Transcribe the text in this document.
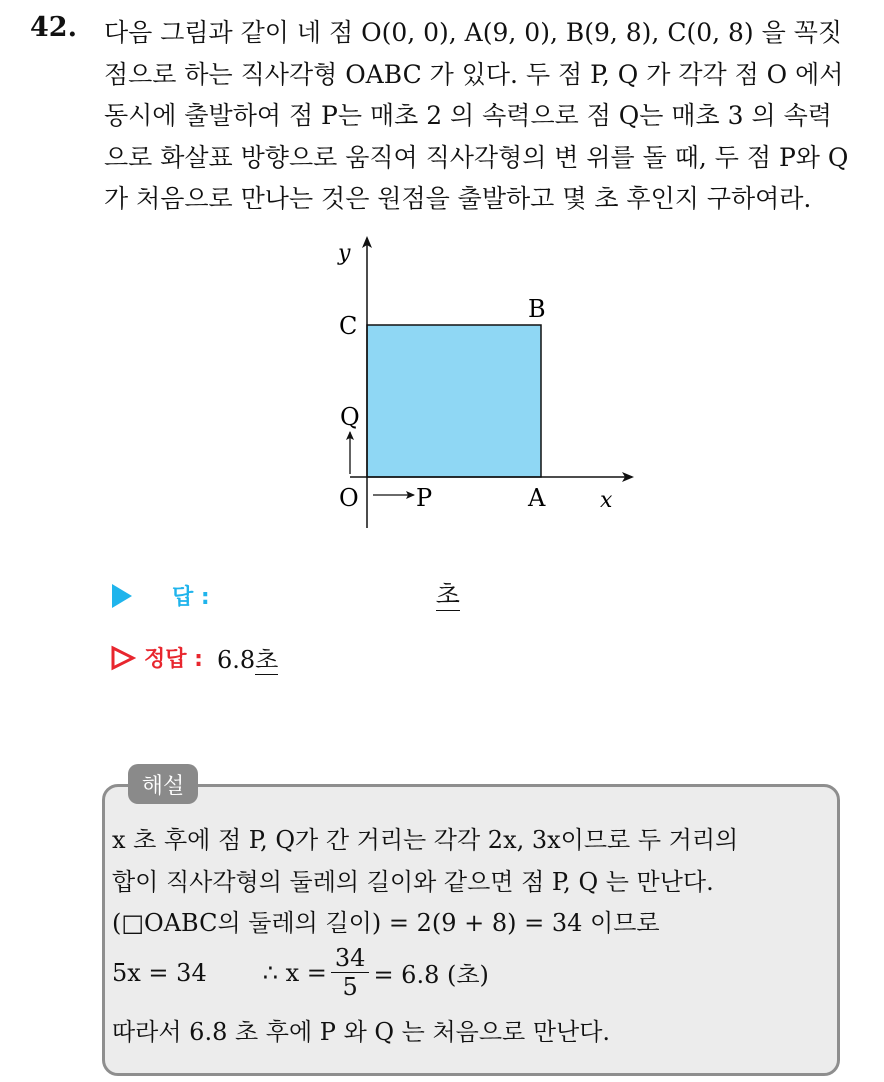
42. 다음 그림과 같이 네 점 O(0, 0), A(9, 0), B(9, 8), C(0, 8) 을 꼭짓
점으로 하는 직사각형 OABC 가 있다. 두 점 P, Q 가 각각 점 O 에서
동시에 출발하여 점 P는 매초 2 의 속력으로 점 Q는 매초 3 의 속력
으로 화살표 방향으로 움직여 직사각형의 변 위를 돌 때, 두 점 P와 Q
가 처음으로 만나는 것은 원점을 출발하고 몇 초 후인지 구하여라.
y
x
B
C
Q
O P	A
답 :	초
정답 : 6.8초
해설
x 초 후에 점 P, Q가 간 거리는 각각 2x, 3x이므로 두 거리의
합이 직사각형의 둘레의 길이와 같으면 점 P, Q 는 만난다.
(□OABC의 둘레의 길이) = 2(9 + 8) = 34 이므로
5x = 34 ∴ $x = \frac{34}{5} = 6.8$ (초)
따라서 6.8 초 후에 P 와 Q 는 처음으로 만난다.
